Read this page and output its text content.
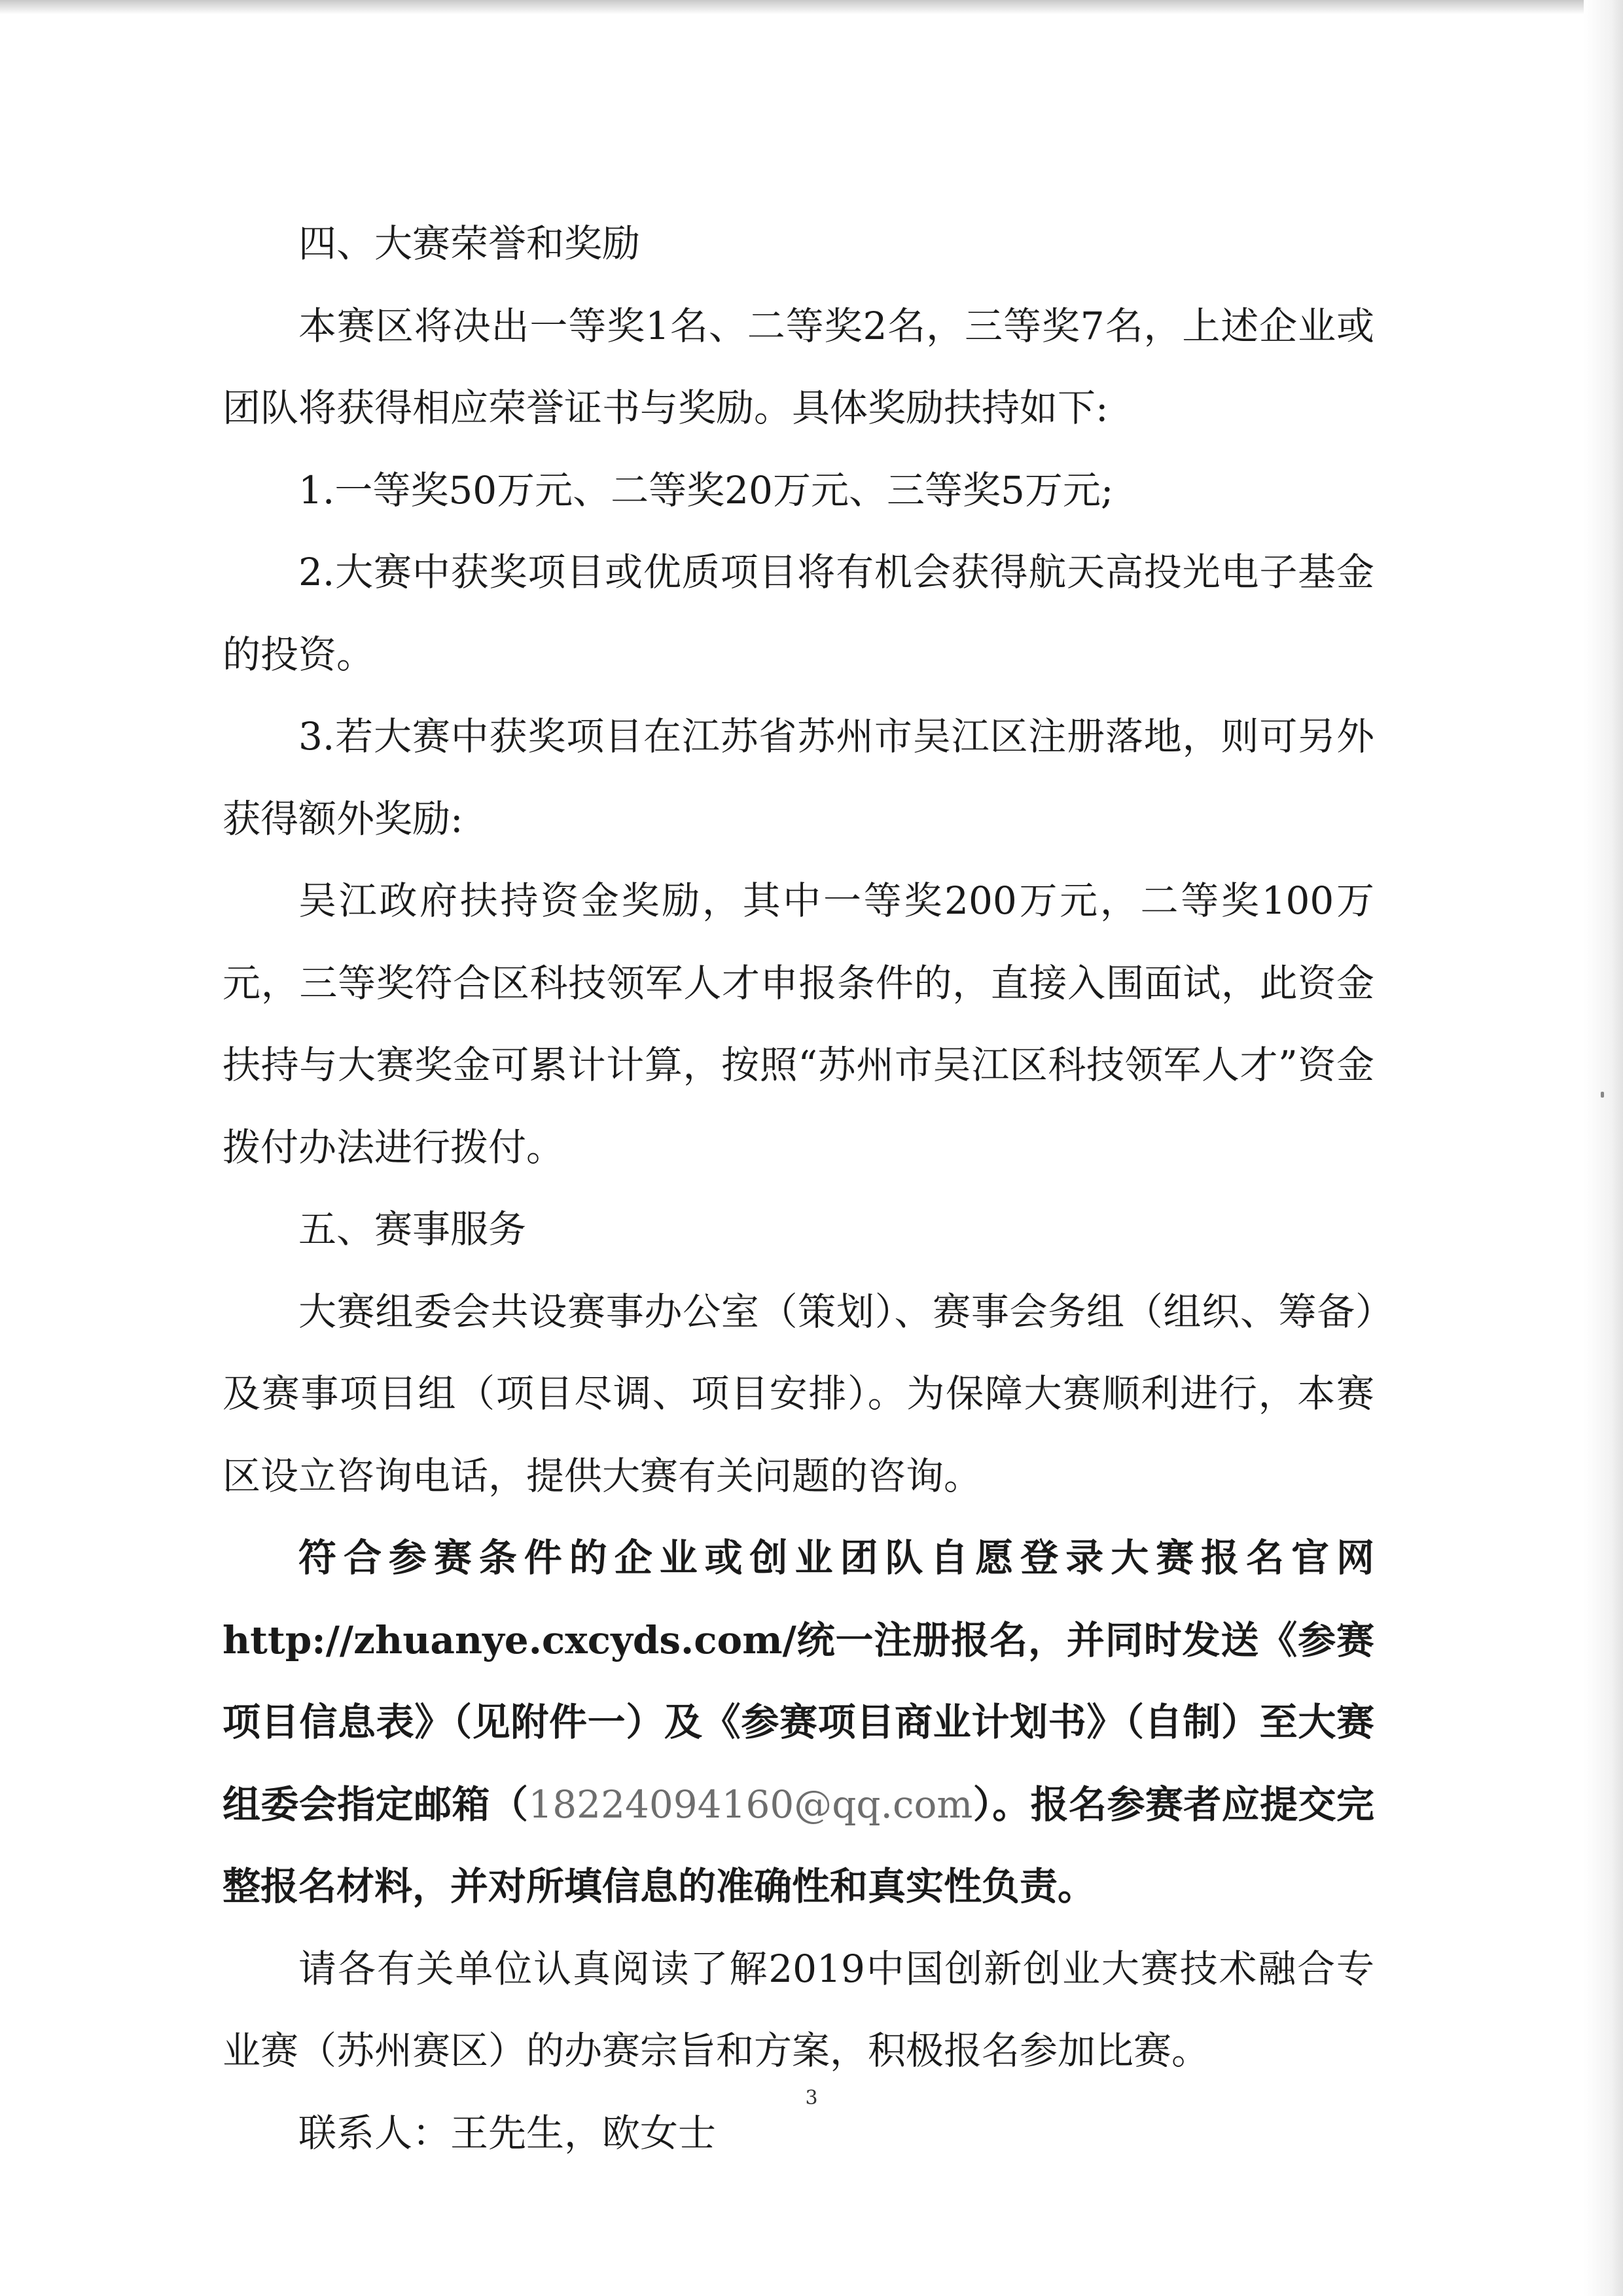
四、大赛荣誉和奖励

本赛区将决出一等奖1名、二等奖2名，三等奖7名，上述企业或团队将获得相应荣誉证书与奖励。具体奖励扶持如下:

1.一等奖50万元、二等奖20万元、三等奖5万元;

2.大赛中获奖项目或优质项目将有机会获得航天高投光电子基金的投资。

3.若大赛中获奖项目在江苏省苏州市吴江区注册落地，则可另外获得额外奖励:

吴江政府扶持资金奖励，其中一等奖200万元，二等奖100万元，三等奖符合区科技领军人才申报条件的，直接入围面试，此资金扶持与大赛奖金可累计计算，按照“苏州市吴江区科技领军人才”资金拨付办法进行拨付。

五、赛事服务

大赛组委会共设赛事办公室（策划）、赛事会务组（组织、筹备）及赛事项目组（项目尽调、项目安排）。为保障大赛顺利进行，本赛区设立咨询电话，提供大赛有关问题的咨询。

符合参赛条件的企业或创业团队自愿登录大赛报名官网http://zhuanye.cxcyds.com/统一注册报名，并同时发送《参赛项目信息表》（见附件一）及《参赛项目商业计划书》（自制）至大赛组委会指定邮箱（18224094160@qq.com）。报名参赛者应提交完整报名材料，并对所填信息的准确性和真实性负责。

请各有关单位认真阅读了解2019中国创新创业大赛技术融合专业赛（苏州赛区）的办赛宗旨和方案，积极报名参加比赛。

联系人：王先生，欧女士

3
